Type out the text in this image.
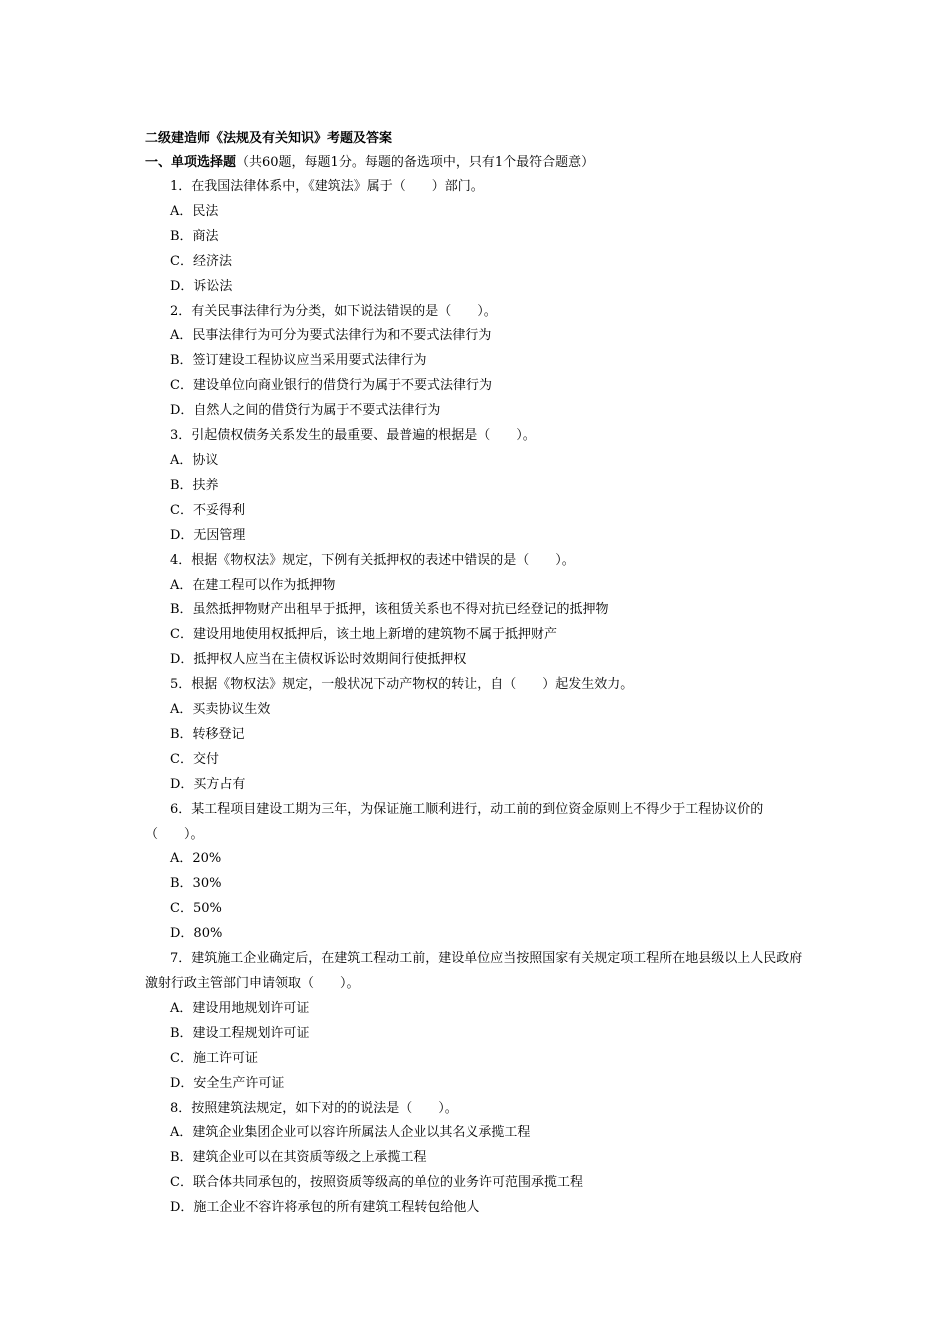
二级建造师《法规及有关知识》考题及答案
一、单项选择题（共60题，每题1分。每题的备选项中，只有1个最符合题意）

1．在我国法律体系中，《建筑法》属于（　　）部门。

A．民法

B．商法

C．经济法

D．诉讼法

2．有关民事法律行为分类，如下说法错误的是（　　）。

A．民事法律行为可分为要式法律行为和不要式法律行为

B．签订建设工程协议应当采用要式法律行为

C．建设单位向商业银行的借贷行为属于不要式法律行为

D．自然人之间的借贷行为属于不要式法律行为

3．引起债权债务关系发生的最重要、最普遍的根据是（　　）。

A．协议

B．扶养

C．不妥得利

D．无因管理

4．根据《物权法》规定，下例有关抵押权的表述中错误的是（　　）。

A．在建工程可以作为抵押物

B．虽然抵押物财产出租早于抵押，该租赁关系也不得对抗已经登记的抵押物

C．建设用地使用权抵押后，该土地上新增的建筑物不属于抵押财产

D．抵押权人应当在主债权诉讼时效期间行使抵押权

5．根据《物权法》规定，一般状况下动产物权的转让，自（　　）起发生效力。

A．买卖协议生效

B．转移登记

C．交付

D．买方占有

6．某工程项目建设工期为三年，为保证施工顺利进行，动工前的到位资金原则上不得少于工程协议价的（　　）。

A．20%

B．30%

C．50%

D．80%

7．建筑施工企业确定后，在建筑工程动工前，建设单位应当按照国家有关规定项工程所在地县级以上人民政府激射行政主管部门申请领取（　　）。

A．建设用地规划许可证

B．建设工程规划许可证

C．施工许可证

D．安全生产许可证

8．按照建筑法规定，如下对的的说法是（　　）。

A．建筑企业集团企业可以容许所属法人企业以其名义承揽工程

B．建筑企业可以在其资质等级之上承揽工程

C．联合体共同承包的，按照资质等级高的单位的业务许可范围承揽工程

D．施工企业不容许将承包的所有建筑工程转包给他人
